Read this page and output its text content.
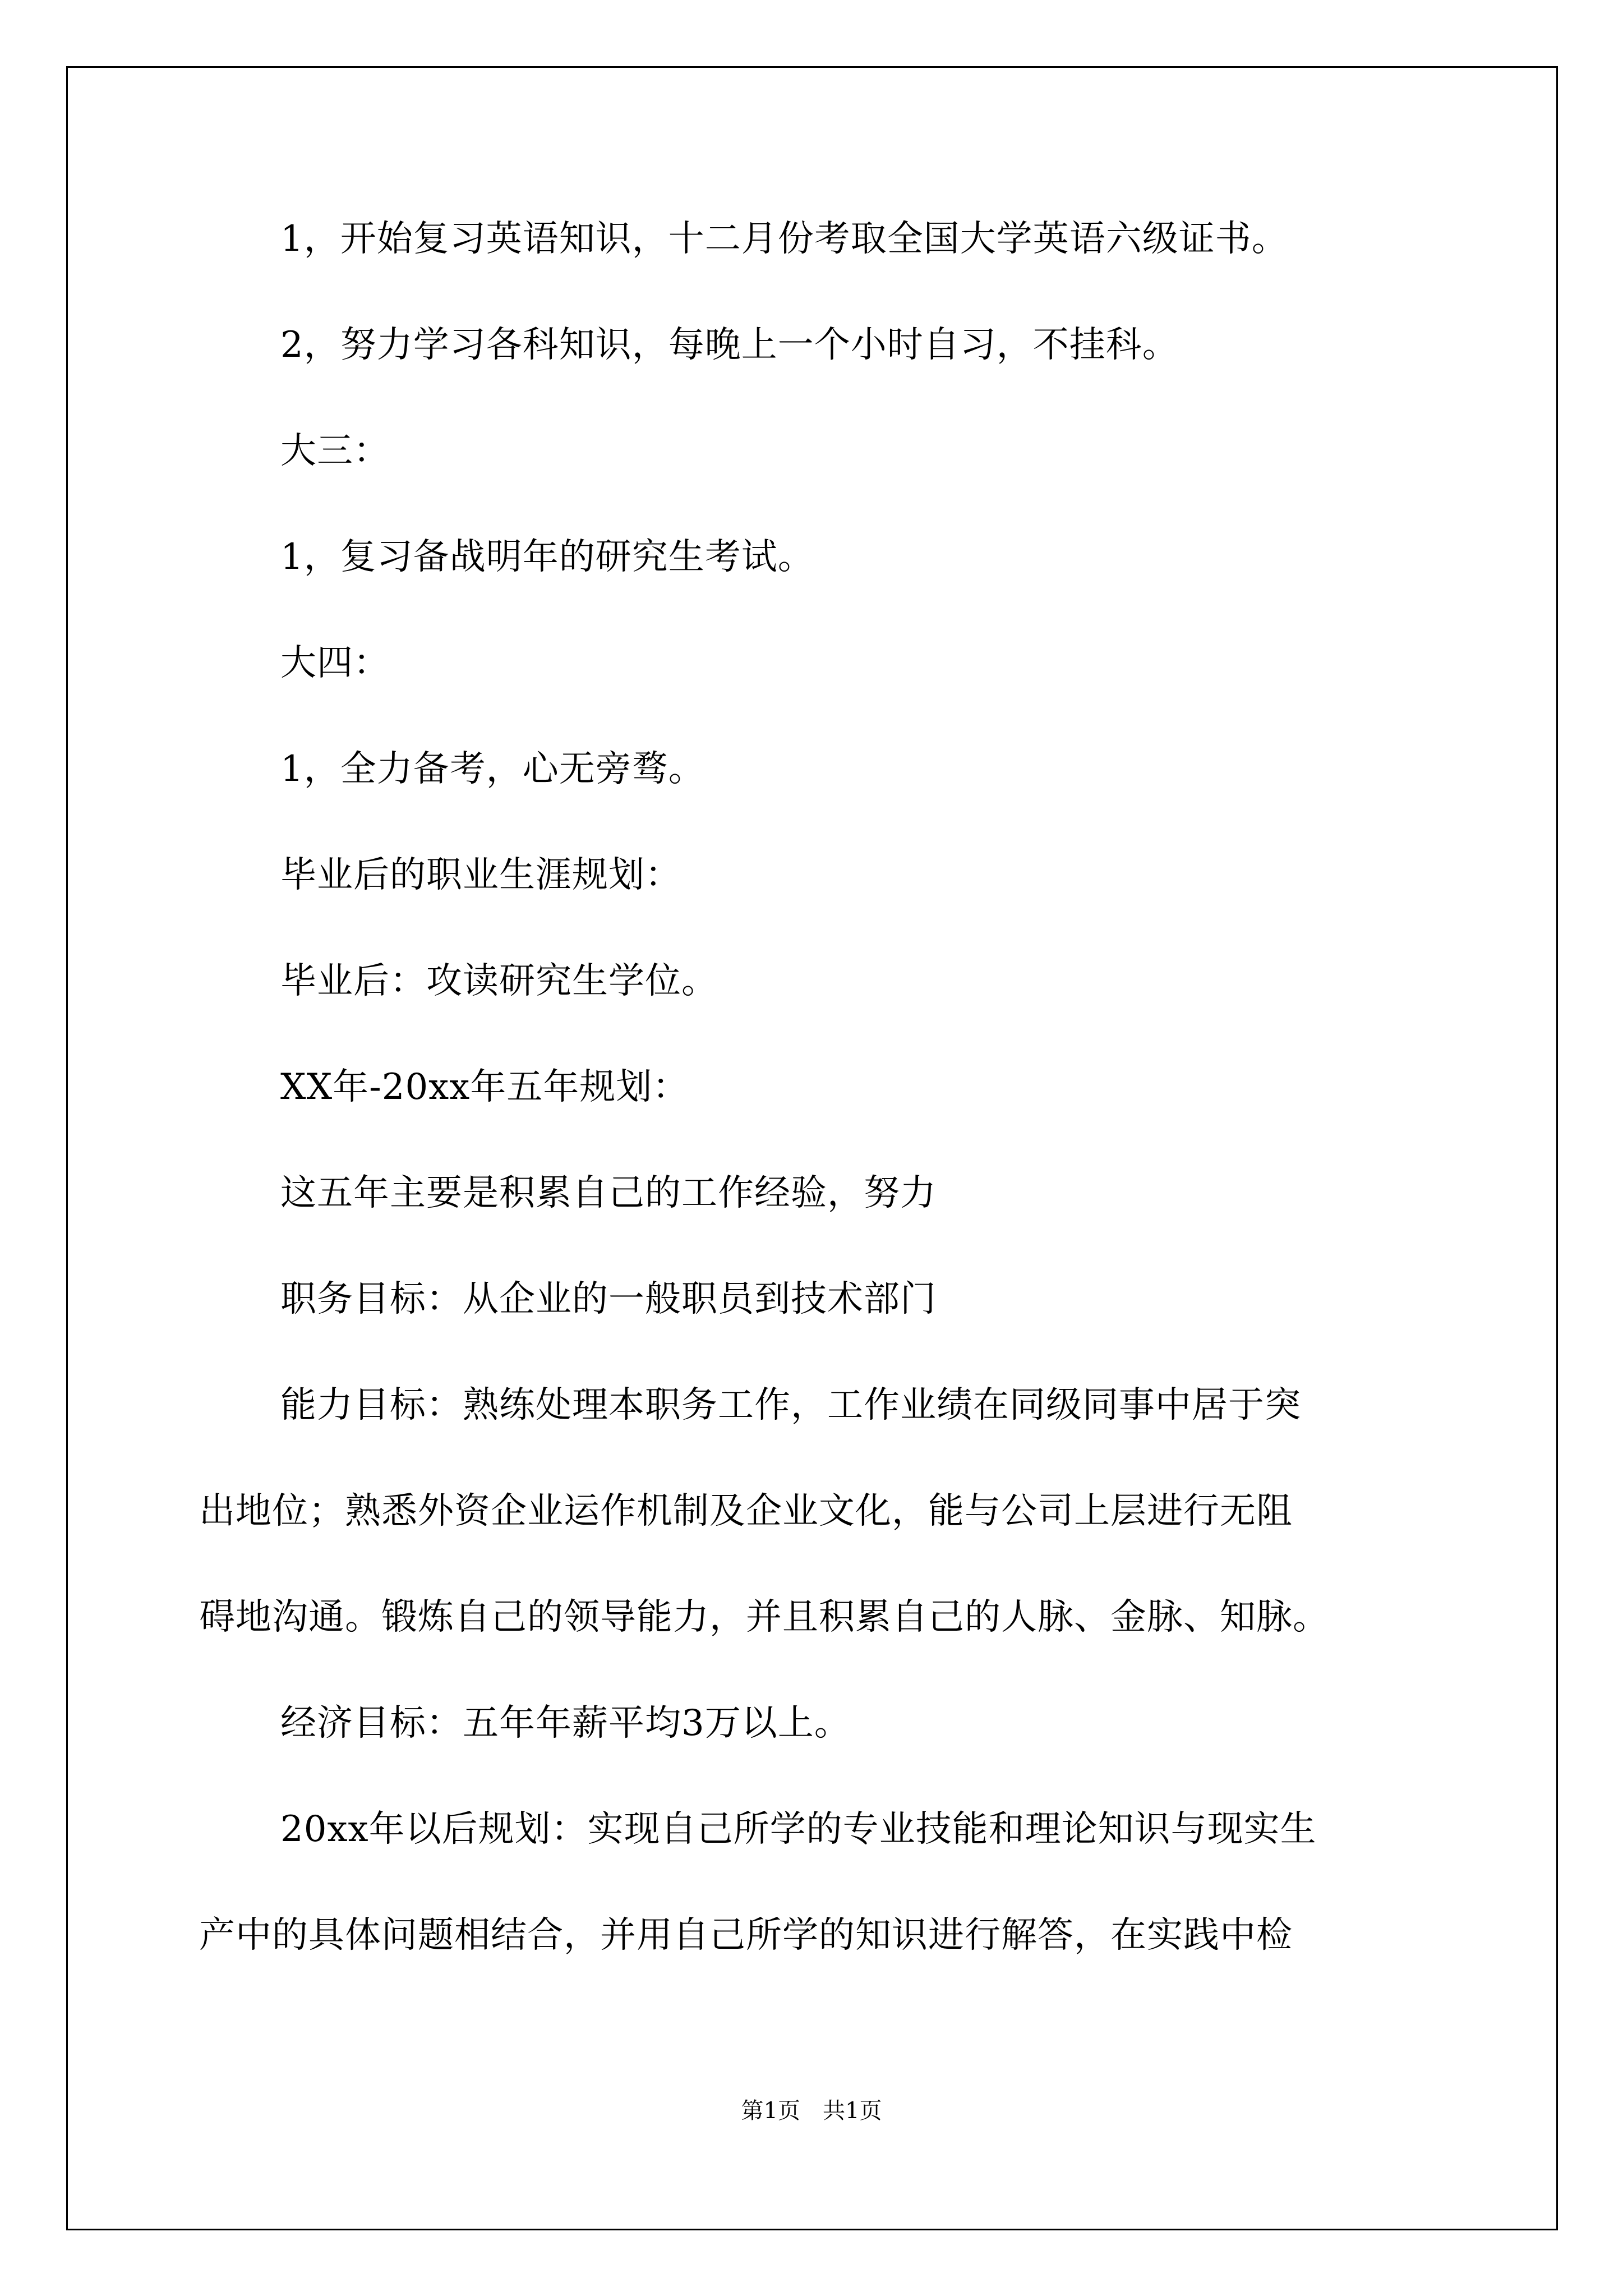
1，开始复习英语知识，十二月份考取全国大学英语六级证书。
2，努力学习各科知识，每晚上一个小时自习，不挂科。
大三：
1，复习备战明年的研究生考试。
大四：
1，全力备考，心无旁骛。
毕业后的职业生涯规划：
毕业后：攻读研究生学位。
XX年-20xx年五年规划：
这五年主要是积累自己的工作经验，努力
职务目标：从企业的一般职员到技术部门
能力目标：熟练处理本职务工作，工作业绩在同级同事中居于突
出地位；熟悉外资企业运作机制及企业文化，能与公司上层进行无阻
碍地沟通。锻炼自己的领导能力，并且积累自己的人脉、金脉、知脉。
经济目标：五年年薪平均3万以上。
20xx年以后规划：实现自己所学的专业技能和理论知识与现实生
产中的具体问题相结合，并用自己所学的知识进行解答，在实践中检
第1页　共1页
